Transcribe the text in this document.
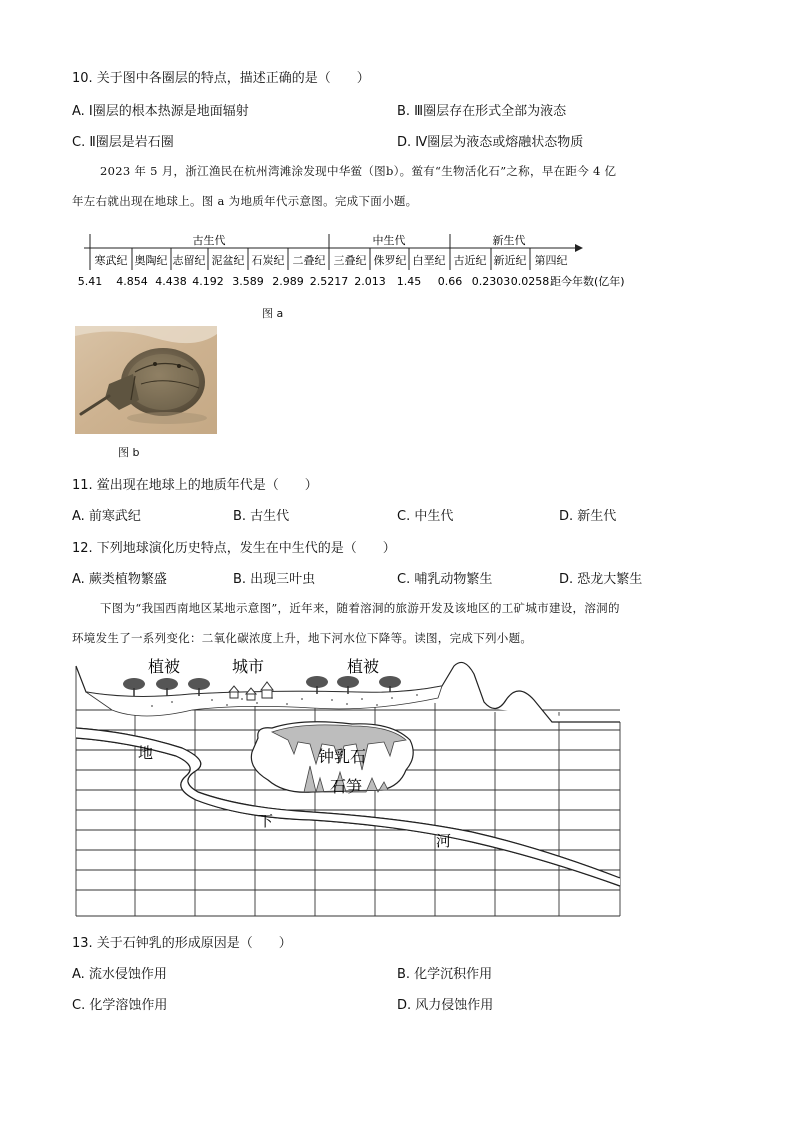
10. 关于图中各圈层的特点，描述正确的是（　　）
A. Ⅰ圈层的根本热源是地面辐射	B. Ⅲ圈层存在形式全部为液态
C. Ⅱ圈层是岩石圈	D. Ⅳ圈层为液态或熔融状态物质
2023 年 5 月，浙江渔民在杭州湾滩涂发现中华鲎（图b）。鲎有“生物活化石”之称，早在距今 4 亿
年左右就出现在地球上。图 a 为地质年代示意图。完成下面小题。
古生代	中生代	新生代
寒武纪 奥陶纪 志留纪 泥盆纪 石炭纪 二叠纪 三叠纪 侏罗纪 白垩纪 古近纪 新近纪 第四纪
5.41 4.854 4.438 4.192 3.589 2.989 2.5217 2.013 1.45 0.66 0.2303 0.0258 距今年数(亿年)
图 a
图 b
11. 鲎出现在地球上的地质年代是（　　）
A. 前寒武纪	B. 古生代	C. 中生代	D. 新生代
12. 下列地球演化历史特点，发生在中生代的是（　　）
A. 蕨类植物繁盛	B. 出现三叶虫	C. 哺乳动物繁生	D. 恐龙大繁生
下图为“我国西南地区某地示意图”，近年来，随着溶洞的旅游开发及该地区的工矿城市建设，溶洞的
环境发生了一系列变化：二氧化碳浓度上升，地下河水位下降等。读图，完成下列小题。
植被	城市	植被
钟乳石
石笋
地
下
河
13. 关于石钟乳的形成原因是（　　）
A. 流水侵蚀作用	B. 化学沉积作用
C. 化学溶蚀作用	D. 风力侵蚀作用
